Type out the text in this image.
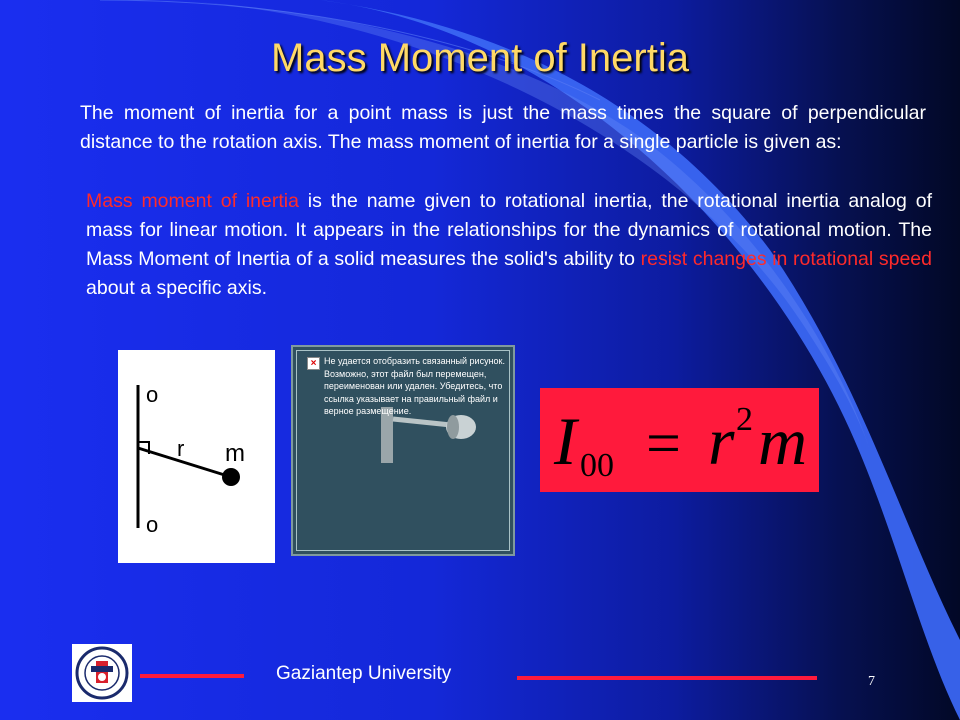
Mass Moment of Inertia
The moment of inertia for a point mass is just the mass times the square of perpendicular distance to the rotation axis. The mass moment of inertia for a single particle is given as:
Mass moment of inertia is the name given to rotational inertia, the rotational inertia analog of mass for linear motion. It appears in the relationships for the dynamics of rotational motion. The Mass Moment of Inertia of a solid measures the solid's ability to resist changes in rotational speed about a specific axis.
o
o
r m
× Не удается отобразить связанный рисунок. Возможно, этот файл был перемещен, переименован или удален. Убедитесь, что ссылка указывает на правильный файл и верное размещение.	I 00 = r 2 m
Gaziantep University	7
